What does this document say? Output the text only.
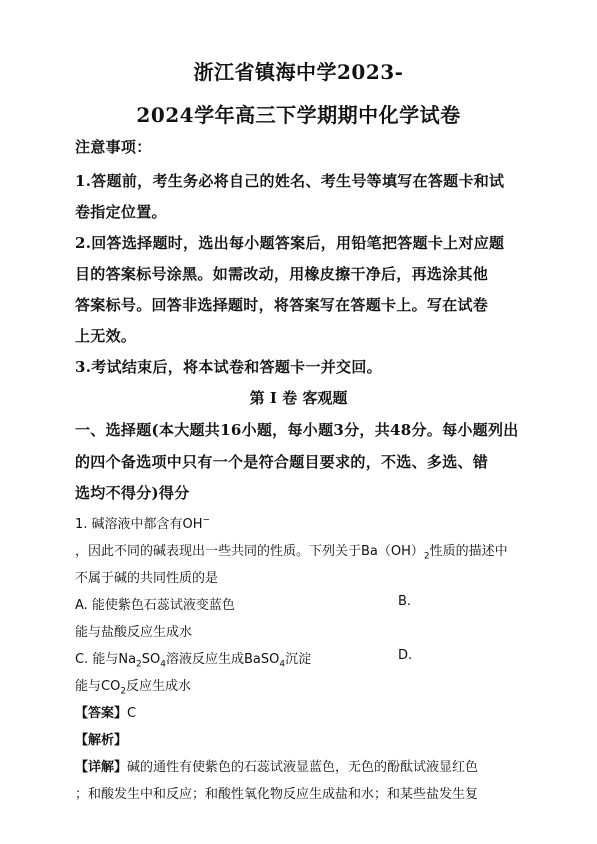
浙江省镇海中学2023-
2024学年高三下学期期中化学试卷
注意事项：
1.答题前，考生务必将自己的姓名、考生号等填写在答题卡和试
卷指定位置。
2.回答选择题时，选出每小题答案后，用铅笔把答题卡上对应题
目的答案标号涂黑。如需改动，用橡皮擦干净后，再选涂其他
答案标号。回答非选择题时，将答案写在答题卡上。写在试卷
上无效。
3.考试结束后，将本试卷和答题卡一并交回。
第 I 卷 客观题
一、选择题(本大题共16小题，每小题3分，共48分。每小题列出
的四个备选项中只有一个是符合题目要求的，不选、多选、错
选均不得分)得分
1. 碱溶液中都含有OH−
，因此不同的碱表现出一些共同的性质。下列关于$Ba(OH)_2$性质的描述中
不属于碱的共同性质的是
A. 能使紫色石蕊试液变蓝色	B.
能与盐酸反应生成水
C. 能与$Na_2SO_4$溶液反应生成BaSO$_4$沉淀	D.
能与$CO_2$反应生成水
【答案】C
【解析】
【详解】碱的通性有使紫色的石蕊试液显蓝色，无色的酚酞试液显红色
；和酸发生中和反应；和酸性氧化物反应生成盐和水；和某些盐发生复
